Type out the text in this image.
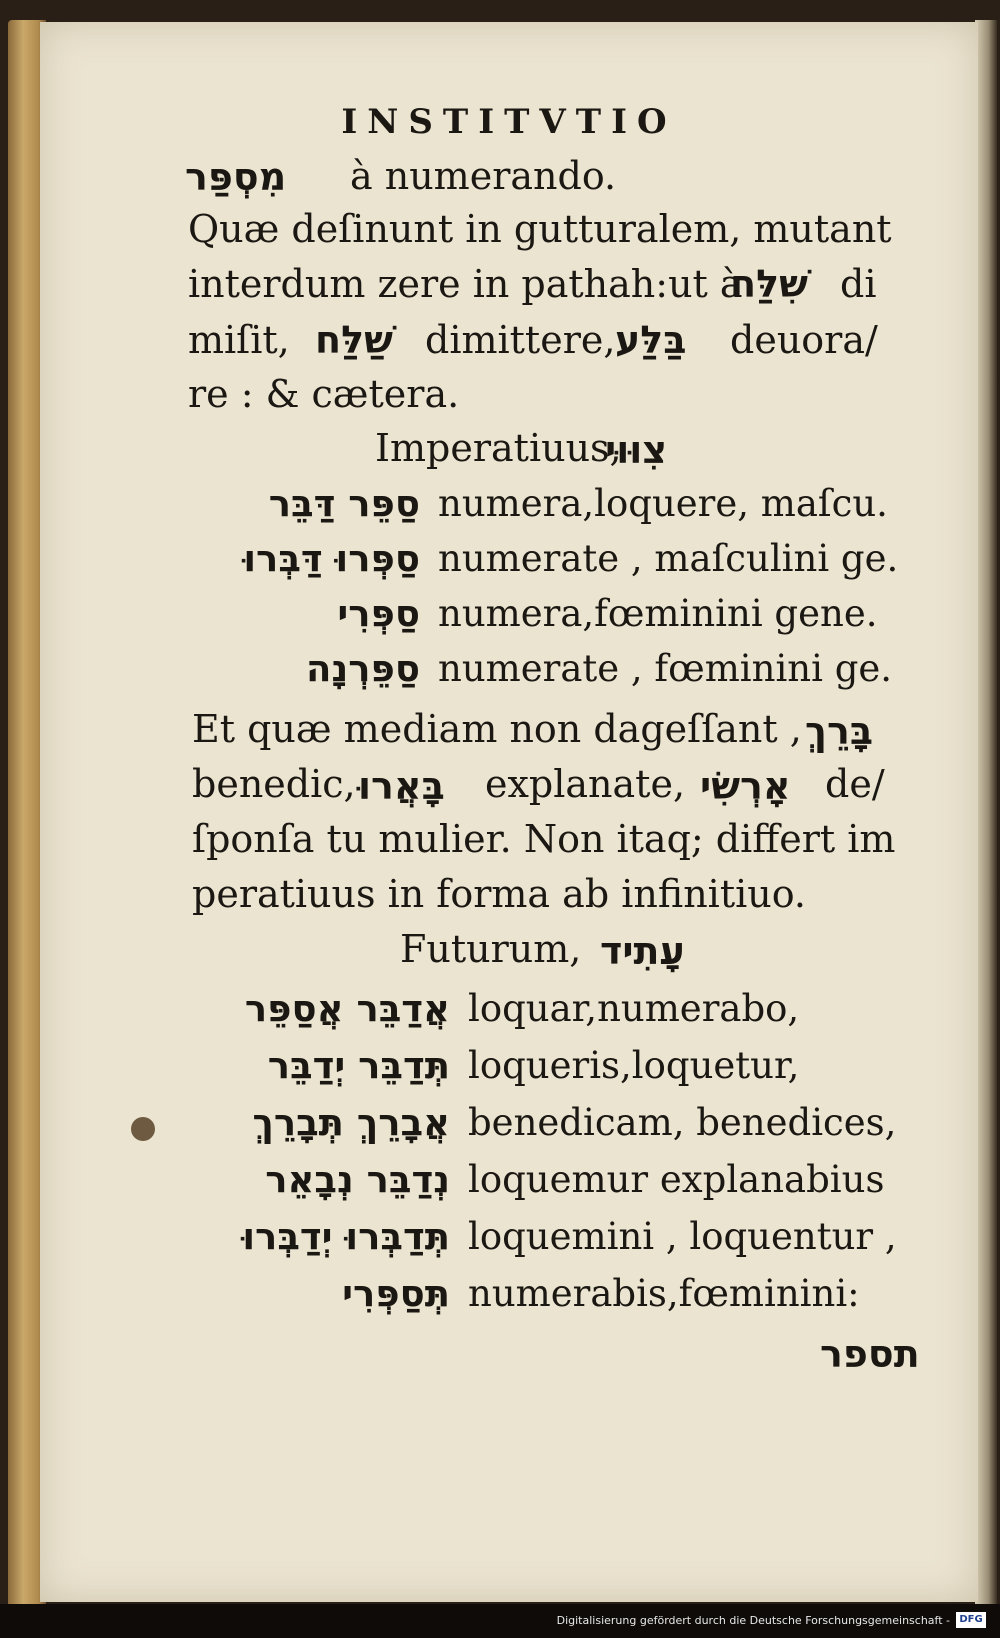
INSTITVTIO
מִסְפַּר à numerando.
Quæ deſinunt in gutturalem, mutant
interdum zere in pathah:ut à
שִׁלַּח di
miſit, שַׁלַּח dimittere, בַּלַּע deuora/
re : & cætera.
Imperatiuus,
צִוּוּי
סַפֵּר דַּבֵּר numera,loquere, maſcu.
סַפְּרוּ דַּבְּרוּ numerate , maſculini ge.
סַפְּרִי numera,fœminini gene.
סַפֵּרְנָה numerate , fœminini ge.
Et quæ mediam non dageſſant , בָּרֵךְ
benedic, בָּאֲרוּ explanate, אָרְשִׂי de/
ſponſa tu mulier. Non itaq; differt im
peratiuus in forma ab infinitiuo.
Futurum, עָתִיד
אֲדַבֵּר אֲסַפֵּר loquar,numerabo,
תְּדַבֵּר יְדַבֵּר loqueris,loquetur,
אֲבָרֵךְ תְּבָרֵךְ benedicam, benedices,
נְדַבֵּר נְבָאֵר loquemur explanabius
תְּדַבְּרוּ יְדַבְּרוּ loquemini , loquentur ,
תְּסַפְּרִי numerabis,fœminini:
תספר
Digitalisierung gefördert durch die Deutsche Forschungsgemeinschaft - DFG
